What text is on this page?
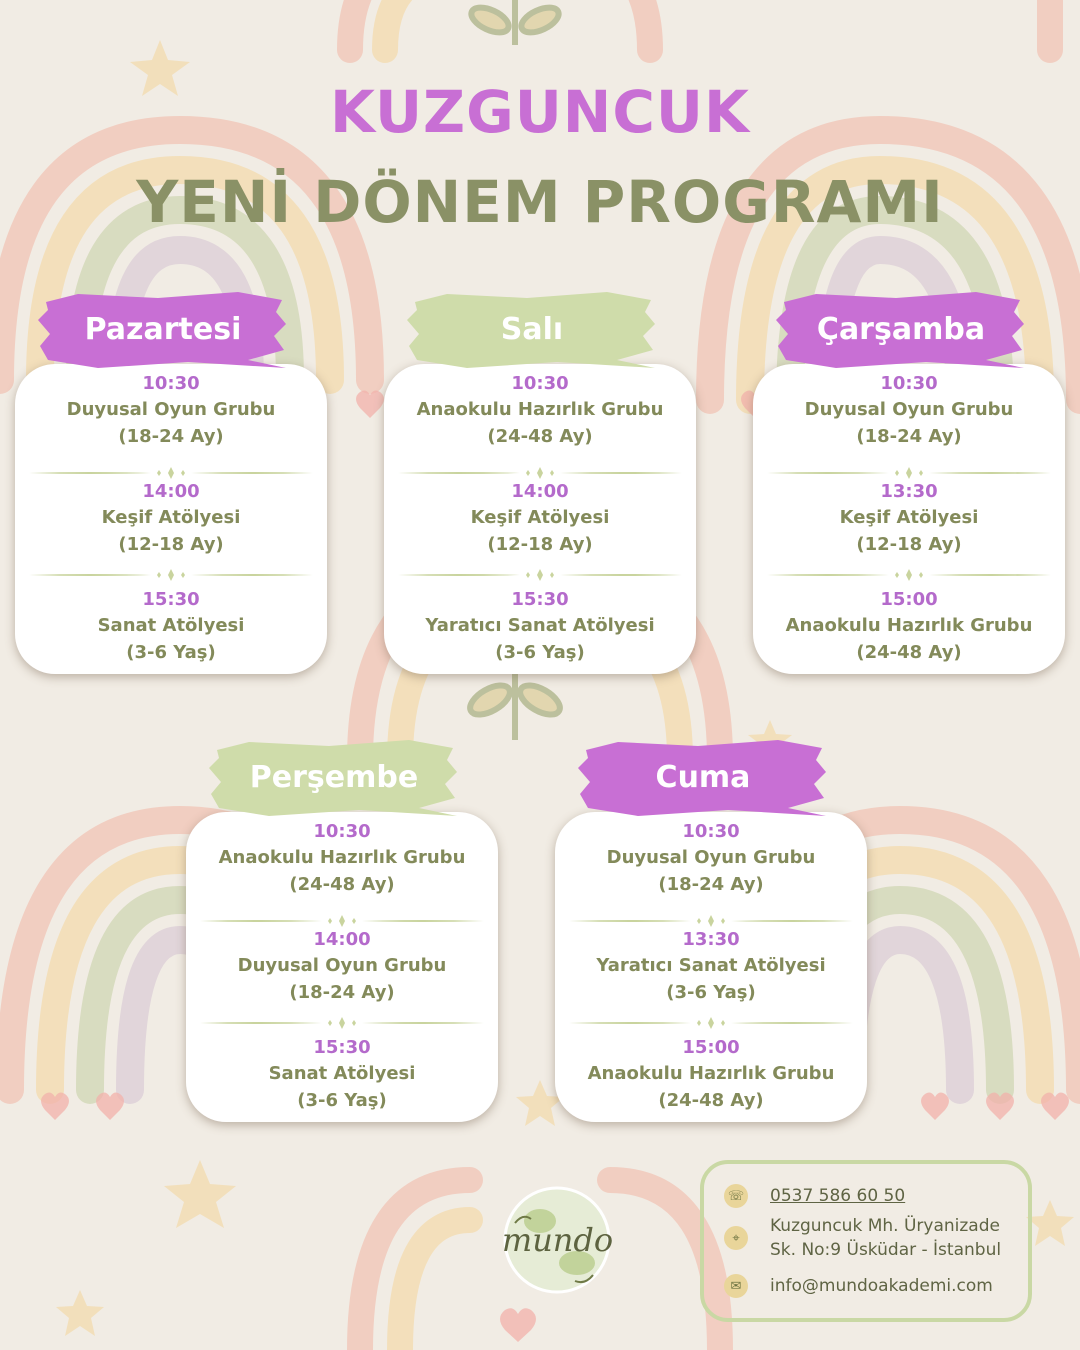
KUZGUNCUK
YENİ DÖNEM PROGRAMI
10:30
Duyusal Oyun Grubu
(18-24 Ay)
14:00
Keşif Atölyesi
(12-18 Ay)
15:30
Sanat Atölyesi
(3-6 Yaş)
Pazartesi
10:30
Anaokulu Hazırlık Grubu
(24-48 Ay)
14:00
Keşif Atölyesi
(12-18 Ay)
15:30
Yaratıcı Sanat Atölyesi
(3-6 Yaş)
Salı
10:30
Duyusal Oyun Grubu
(18-24 Ay)
13:30
Keşif Atölyesi
(12-18 Ay)
15:00
Anaokulu Hazırlık Grubu
(24-48 Ay)
Çarşamba
10:30
Anaokulu Hazırlık Grubu
(24-48 Ay)
14:00
Duyusal Oyun Grubu
(18-24 Ay)
15:30
Sanat Atölyesi
(3-6 Yaş)
Perşembe
10:30
Duyusal Oyun Grubu
(18-24 Ay)
13:30
Yaratıcı Sanat Atölyesi
(3-6 Yaş)
15:00
Anaokulu Hazırlık Grubu
(24-48 Ay)
Cuma
mundo
☏ 0537 586 60 50
⌖
Kuzguncuk Mh. Üryanizade
Sk. No:9 Üsküdar - İstanbul
✉	info@mundoakademi.com
